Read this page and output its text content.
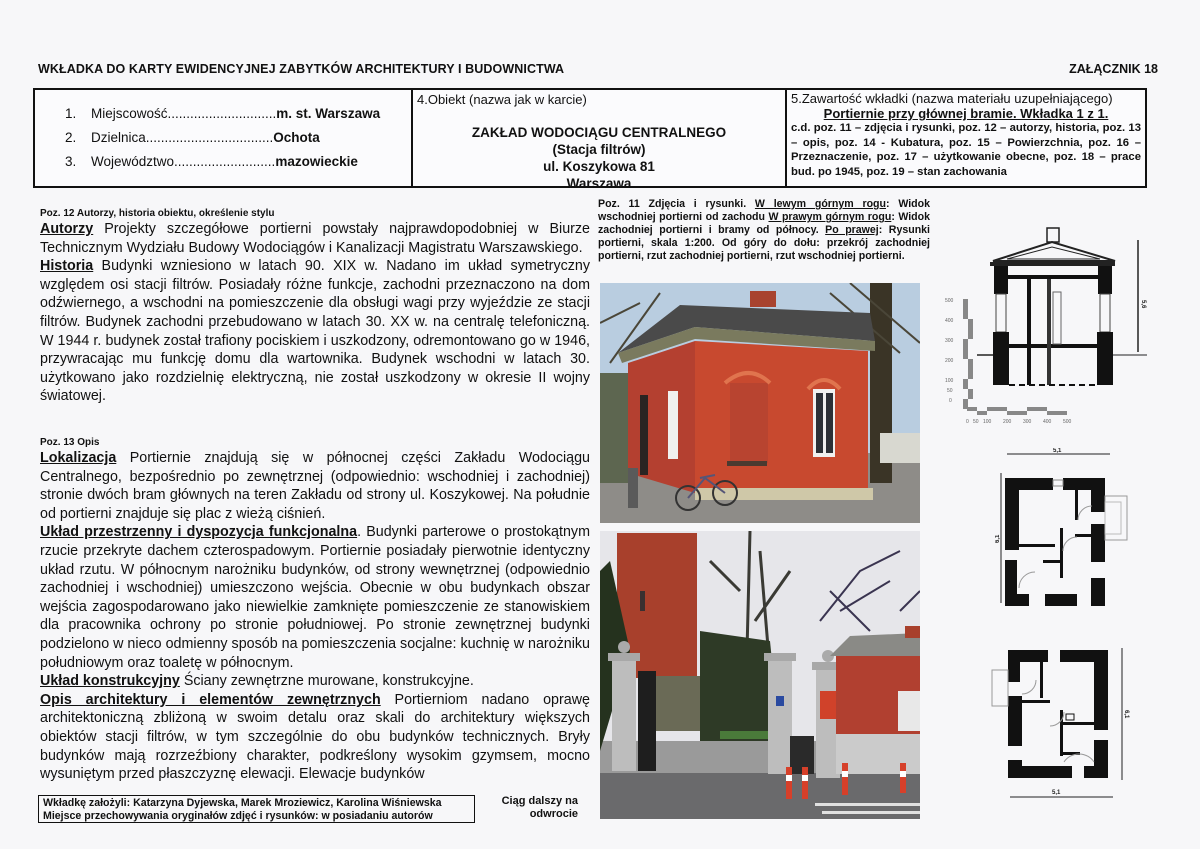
WKŁADKA DO KARTY EWIDENCYJNEJ ZABYTKÓW ARCHITEKTURY I BUDOWNICTWA	ZAŁĄCZNIK 18
1. Miejscowość.............................m. st. Warszawa
2. Dzielnica..................................Ochota
3. Województwo...........................mazowieckie
4.Obiekt (nazwa jak w karcie)
ZAKŁAD WODOCIĄGU CENTRALNEGO
(Stacja filtrów)
ul. Koszykowa 81
Warszawa
5.Zawartość wkładki (nazwa materiału uzupełniającego)
Portiernie przy głównej bramie. Wkładka 1 z 1.
c.d. poz. 11 – zdjęcia i rysunki, poz. 12 – autorzy, historia, poz. 13 – opis, poz. 14 - Kubatura, poz. 15 – Powierzchnia, poz. 16 – Przeznaczenie, poz. 17 – użytkowanie obecne, poz. 18 – prace bud. po 1945, poz. 19 – stan zachowania
Poz. 12 Autorzy, historia obiektu, określenie stylu
Autorzy Projekty szczegółowe portierni powstały najprawdopodobniej w Biurze Technicznym Wydziału Budowy Wodociągów i Kanalizacji Magistratu Warszawskiego.
Historia Budynki wzniesiono w latach 90. XIX w. Nadano im układ symetryczny względem osi stacji filtrów. Posiadały różne funkcje, zachodni przeznaczono na dom odźwiernego, a wschodni na pomieszczenie dla obsługi wagi przy wyjeździe ze stacji filtrów. Budynek zachodni przebudowano w latach 30. XX w. na centralę telefoniczną. W 1944 r. budynek został trafiony pociskiem i uszkodzony, odremontowano go w 1946, przywracając mu funkcję domu dla wartownika. Budynek wschodni w latach 30. użytkowano jako rozdzielnię elektryczną, nie został uszkodzony w okresie II wojny światowej.
Poz. 13 Opis
Lokalizacja Portiernie znajdują się w północnej części Zakładu Wodociągu Centralnego, bezpośrednio po zewnętrznej (odpowiednio: wschodniej i zachodniej) stronie dwóch bram głównych na teren Zakładu od strony ul. Koszykowej. Na południe od portierni znajduje się plac z wieżą ciśnień.
Układ przestrzenny i dyspozycja funkcjonalna. Budynki parterowe o prostokątnym rzucie przekryte dachem czterospadowym. Portiernie posiadały pierwotnie identyczny układ rzutu. W północnym narożniku budynków, od strony wewnętrznej (odpowiednio zachodniej i wschodniej) umieszczono wejścia. Obecnie w obu budynkach obszar wejścia zagospodarowano jako niewielkie zamknięte pomieszczenie ze stanowiskiem dla pracownika ochrony po stronie południowej. Po stronie zewnętrznej budynki podzielono w nieco odmienny sposób na pomieszczenia socjalne: kuchnię w narożniku południowym oraz toaletę w północnym.
Układ konstrukcyjny Ściany zewnętrzne murowane, konstrukcyjne.
Opis architektury i elementów zewnętrznych Portierniom nadano oprawę architektoniczną zbliżoną w swoim detalu oraz skali do architektury większych obiektów stacji filtrów, w tym szczególnie do obu budynków technicznych. Bryły budynków mają rozrzeźbiony charakter, podkreślony wysokim gzymsem, mocno wysuniętym przed płaszczyznę elewacji. Elewacje budynków
Poz. 11 Zdjęcia i rysunki. W lewym górnym rogu: Widok wschodniej portierni od zachodu W prawym górnym rogu: Widok zachodniej portierni i bramy od północy. Po prawej: Rysunki portierni, skala 1:200. Od góry do dołu: przekrój zachodniej portierni, rzut zachodniej portierni, rzut wschodniej portierni.
500
400
300
200
100
50
0
0 50 100 200 300 400 500
5,6
5,1
6,1
6,1
5,1
Wkładkę założyli: Katarzyna Dyjewska, Marek Mroziewicz, Karolina Wiśniewska
Miejsce przechowywania oryginałów zdjęć i rysunków: w posiadaniu autorów
Ciąg dalszy na
odwrocie
